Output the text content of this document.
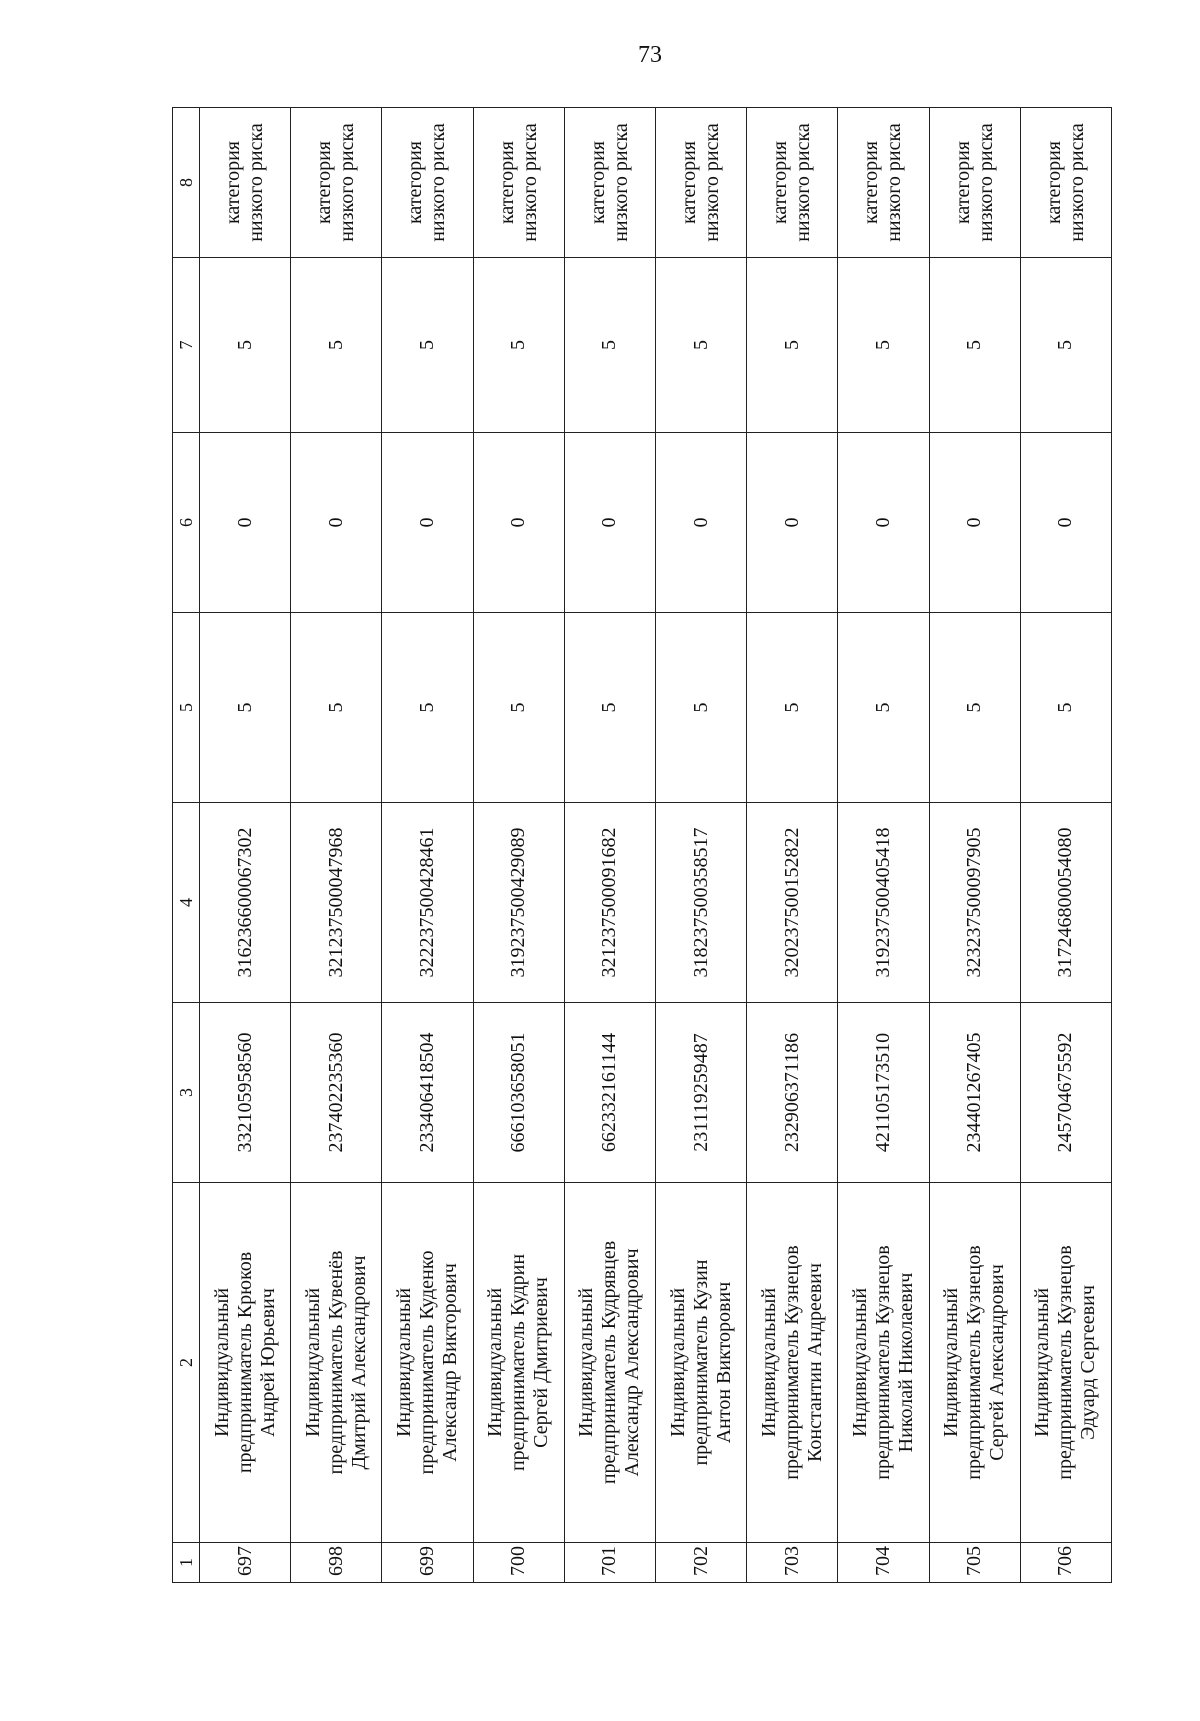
73
1	2	3	4	5	6	7	8
697	Индивидуальный
предприниматель Крюков
Андрей Юрьевич	332105958560	316236600067302	5	0	5	категория низкого риска
698	Индивидуальный
предприниматель Кувенёв
Дмитрий Александрович	237402235360	321237500047968	5	0	5	категория низкого риска
699	Индивидуальный
предприниматель Куденко
Александр Викторович	233406418504	322237500428461	5	0	5	категория низкого риска
700	Индивидуальный
предприниматель Кудрин
Сергей Дмитриевич	666103658051	319237500429089	5	0	5	категория низкого риска
701	Индивидуальный
предприниматель Кудрявцев
Александр Александрович	662332161144	321237500091682	5	0	5	категория низкого риска
702	Индивидуальный
предприниматель Кузин
Антон Викторович	231119259487	318237500358517	5	0	5	категория низкого риска
703	Индивидуальный
предприниматель Кузнецов
Константин Андреевич	232906371186	320237500152822	5	0	5	категория низкого риска
704	Индивидуальный
предприниматель Кузнецов
Николай Николаевич	421105173510	319237500405418	5	0	5	категория низкого риска
705	Индивидуальный
предприниматель Кузнецов
Сергей Александрович	234401267405	323237500097905	5	0	5	категория низкого риска
706	Индивидуальный
предприниматель Кузнецов
Эдуард Сергеевич	245704675592	317246800054080	5	0	5	категория низкого риска
